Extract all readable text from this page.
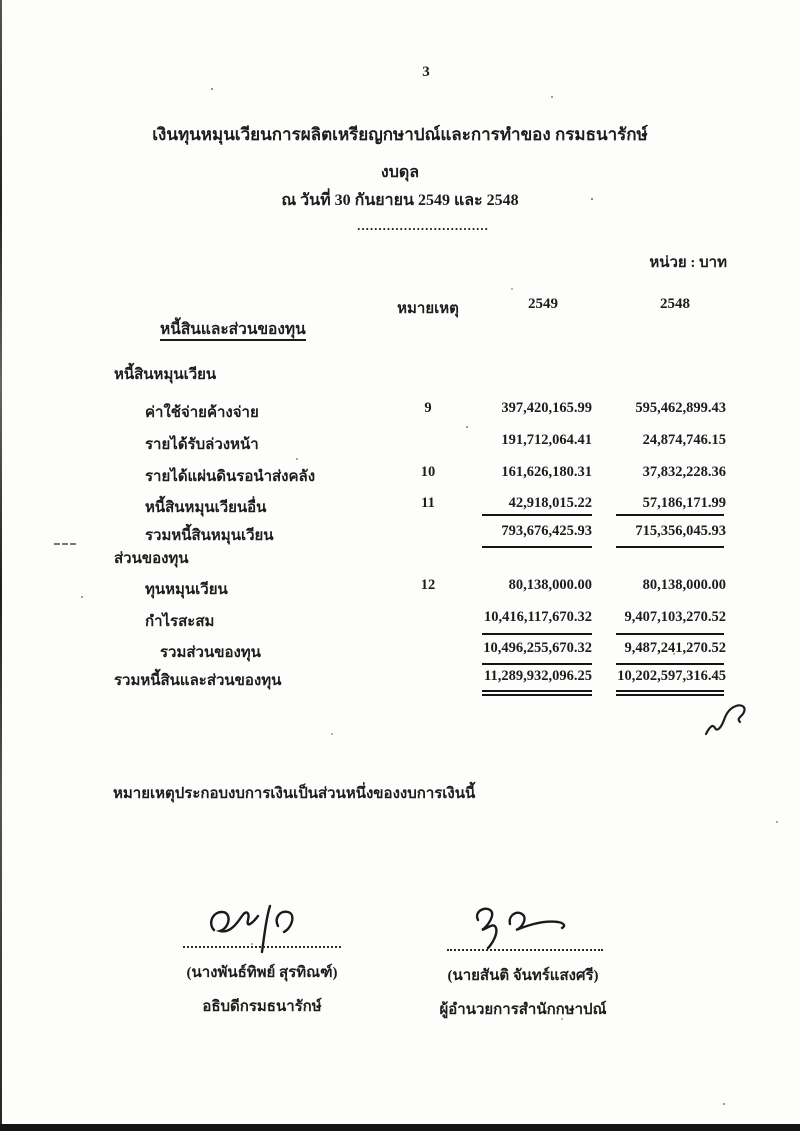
3
เงินทุนหมุนเวียนการผลิตเหรียญกษาปณ์และการทำของ กรมธนารักษ์
งบดุล
ณ วันที่ 30 กันยายน 2549 และ 2548
...............................
หน่วย : บาท
หมายเหตุ	2549	2548
หนี้สินและส่วนของทุน
หนี้สินหมุนเวียน
ค่าใช้จ่ายค้างจ่าย	9	397,420,165.99	595,462,899.43
รายได้รับล่วงหน้า	191,712,064.41	24,874,746.15
รายได้แผ่นดินรอนำส่งคลัง	10	161,626,180.31	37,832,228.36
หนี้สินหมุนเวียนอื่น	11	42,918,015.22	57,186,171.99
รวมหนี้สินหมุนเวียน	793,676,425.93	715,356,045.93
ส่วนของทุน
ทุนหมุนเวียน	12	80,138,000.00	80,138,000.00
กำไรสะสม	10,416,117,670.32	9,407,103,270.52
รวมส่วนของทุน	10,496,255,670.32	9,487,241,270.52
รวมหนี้สินและส่วนของทุน	11,289,932,096.25	10,202,597,316.45
หมายเหตุประกอบงบการเงินเป็นส่วนหนึ่งของงบการเงินนี้
(นางพันธ์ทิพย์ สุรทิณฑ์)
อธิบดีกรมธนารักษ์
(นายสันติ จันทร์แสงศรี)
ผู้อำนวยการสำนักกษาปณ์
